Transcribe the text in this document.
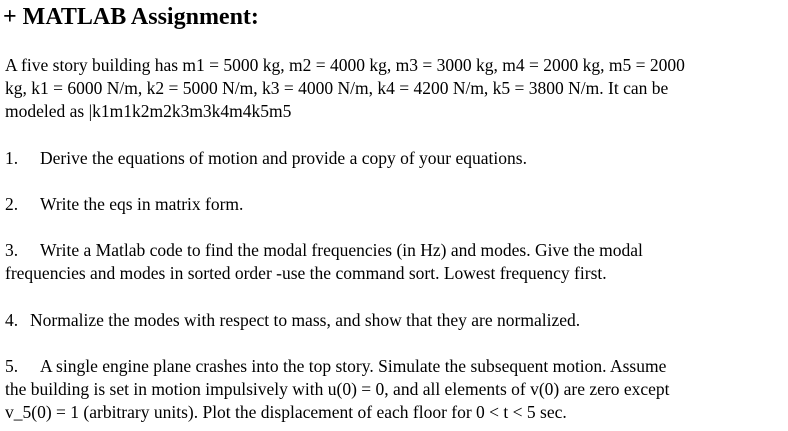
+ MATLAB Assignment:
A five story building has m1 = 5000 kg, m2 = 4000 kg, m3 = 3000 kg, m4 = 2000 kg, m5 = 2000
kg, k1 = 6000 N/m, k2 = 5000 N/m, k3 = 4000 N/m, k4 = 4200 N/m, k5 = 3800 N/m. It can be
modeled as |k1m1k2m2k3m3k4m4k5m5
1. Derive the equations of motion and provide a copy of your equations.
2. Write the eqs in matrix form.
3. Write a Matlab code to find the modal frequencies (in Hz) and modes. Give the modal
frequencies and modes in sorted order -use the command sort. Lowest frequency first.
4. Normalize the modes with respect to mass, and show that they are normalized.
5. A single engine plane crashes into the top story. Simulate the subsequent motion. Assume
the building is set in motion impulsively with u(0) = 0, and all elements of v(0) are zero except
v_5(0) = 1 (arbitrary units). Plot the displacement of each floor for 0 < t < 5 sec.
